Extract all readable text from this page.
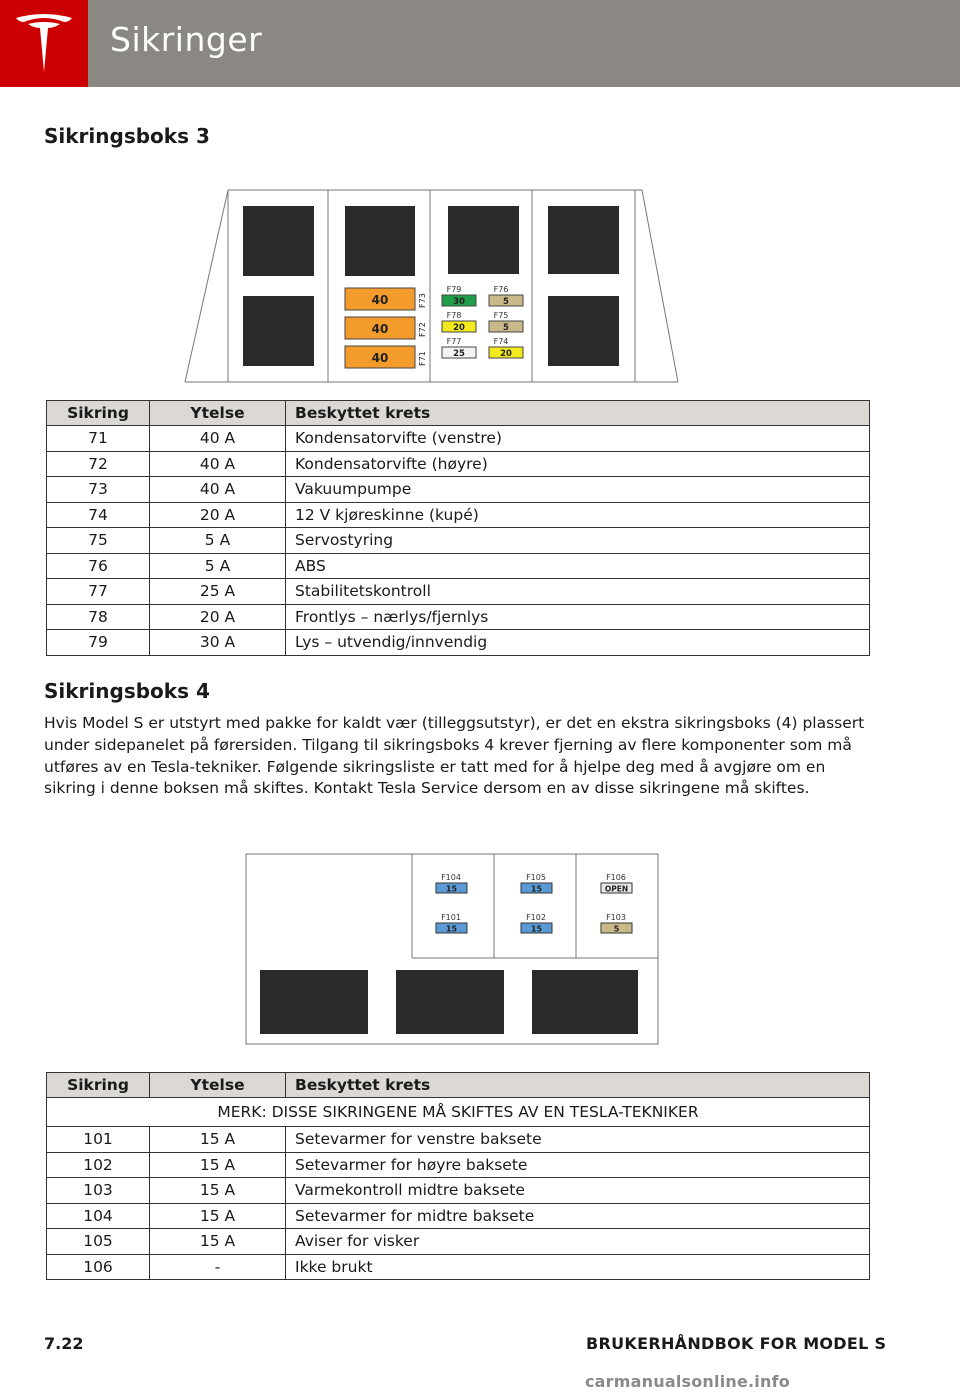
Sikringer
Sikringsboks 3
40	F73
40	F72
40	F71
F79
30
F76
5
F78
20
F75
5
F77
25
F74
20
Sikring	Ytelse	Beskyttet krets
71	40 A	Kondensatorvifte (venstre)
72	40 A	Kondensatorvifte (høyre)
73	40 A	Vakuumpumpe
74	20 A	12 V kjøreskinne (kupé)
75	5 A	Servostyring
76	5 A	ABS
77	25 A	Stabilitetskontroll
78	20 A	Frontlys – nærlys/fjernlys
79	30 A	Lys – utvendig/innvendig
Sikringsboks 4
Hvis Model S er utstyrt med pakke for kaldt vær (tilleggsutstyr), er det en ekstra sikringsboks (4) plassert under sidepanelet på førersiden. Tilgang til sikringsboks 4 krever fjerning av flere komponenter som må utføres av en Tesla-tekniker. Følgende sikringsliste er tatt med for å hjelpe deg med å avgjøre om en sikring i denne boksen må skiftes. Kontakt Tesla Service dersom en av disse sikringene må skiftes.
F104
15
F105
15
F106
OPEN
F101
15
F102
15
F103
5
Sikring	Ytelse	Beskyttet krets
MERK: DISSE SIKRINGENE MÅ SKIFTES AV EN TESLA-TEKNIKER		
101	15 A	Setevarmer for venstre baksete
102	15 A	Setevarmer for høyre baksete
103	15 A	Varmekontroll midtre baksete
104	15 A	Setevarmer for midtre baksete
105	15 A	Aviser for visker
106	-	Ikke brukt
7.22	BRUKERHÅNDBOK FOR MODEL S
carmanualsonline.info
